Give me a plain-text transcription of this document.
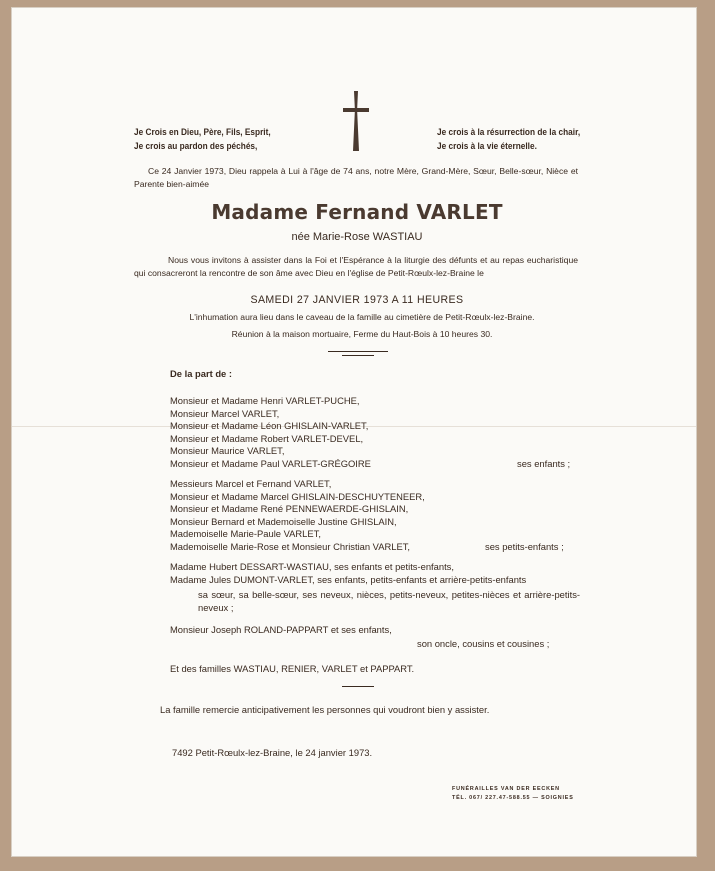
Je Crois en Dieu, Père, Fils, Esprit,
Je crois au pardon des péchés,
Je crois à la résurrection de la chair,
Je crois à la vie éternelle.
Ce 24 Janvier 1973, Dieu rappela à Lui à l'âge de 74 ans, notre Mère, Grand-Mère, Sœur, Belle-sœur, Nièce et Parente bien-aimée
Madame Fernand VARLET
née Marie-Rose WASTIAU
Nous vous invitons à assister dans la Foi et l'Espérance à la liturgie des défunts et au repas eucharistique qui consacreront la rencontre de son âme avec Dieu en l'église de Petit-Rœulx-lez-Braine le
SAMEDI 27 JANVIER 1973 A 11 HEURES
L'inhumation aura lieu dans le caveau de la famille au cimetière de Petit-Rœulx-lez-Braine.
Réunion à la maison mortuaire, Ferme du Haut-Bois à 10 heures 30.
De la part de :
Monsieur et Madame Henri VARLET-PUCHE,
Monsieur Marcel VARLET,
Monsieur et Madame Léon GHISLAIN-VARLET,
Monsieur et Madame Robert VARLET-DEVEL,
Monsieur Maurice VARLET,
Monsieur et Madame Paul VARLET-GRÉGOIRE	ses enfants ;
Messieurs Marcel et Fernand VARLET,
Monsieur et Madame Marcel GHISLAIN-DESCHUYTENEER,
Monsieur et Madame René PENNEWAERDE-GHISLAIN,
Monsieur Bernard et Mademoiselle Justine GHISLAIN,
Mademoiselle Marie-Paule VARLET,
Mademoiselle Marie-Rose et Monsieur Christian VARLET,	ses petits-enfants ;
Madame Hubert DESSART-WASTIAU, ses enfants et petits-enfants,
Madame Jules DUMONT-VARLET, ses enfants, petits-enfants et arrière-petits-enfants
sa sœur, sa belle-sœur, ses neveux, nièces, petits-neveux, petites-nièces et arrière-petits-neveux ;
Monsieur Joseph ROLAND-PAPPART et ses enfants,
son oncle, cousins et cousines ;
Et des familles WASTIAU, RENIER, VARLET et PAPPART.
La famille remercie anticipativement les personnes qui voudront bien y assister.
7492 Petit-Rœulx-lez-Braine, le 24 janvier 1973.
FUNÉRAILLES VAN DER EECKEN
TÉL. 067/ 227.47-588.55 — SOIGNIES
